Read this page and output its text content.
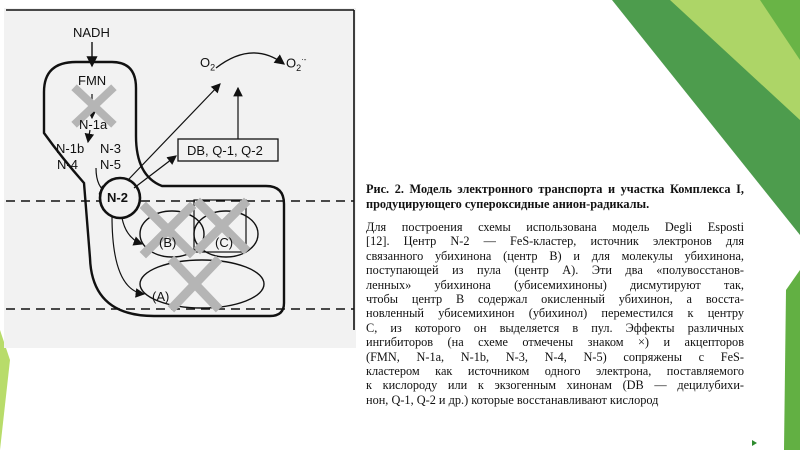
NADH
FMN
N-1a
N-1b
N-4
N-3
N-5
N-2
(B)	(C)
(A)
DB, Q-1, Q-2
$O_2$	$O_2^{\cdot-}$

Рис. 2. Модель электронного транспорта и участка Комплекса I, продуцирующего супероксидные анион-радикалы.

Для построения схемы использована модель Degli Esposti
[12]. Центр N-2 — FeS-кластер, источник электронов для
связанного убихинона (центр B) и для молекулы убихинона,
поступающей из пула (центр A). Эти два «полувосстанов-
ленных» убихинона (убисемихиноны) дисмутируют так,
чтобы центр B содержал окисленный убихинон, а восста-
новленный убисемихинон (убихинол) переместился к центру
C, из которого он выделяется в пул. Эффекты различных
ингибиторов (на схеме отмечены знаком ×) и акцепторов
(FMN, N-1a, N-1b, N-3, N-4, N-5) сопряжены с FeS-
кластером как источником одного электрона, поставляемого
к кислороду или к экзогенным хинонам (DB — децилубихи-
нон, Q-1, Q-2 и др.) которые восстанавливают кислород
